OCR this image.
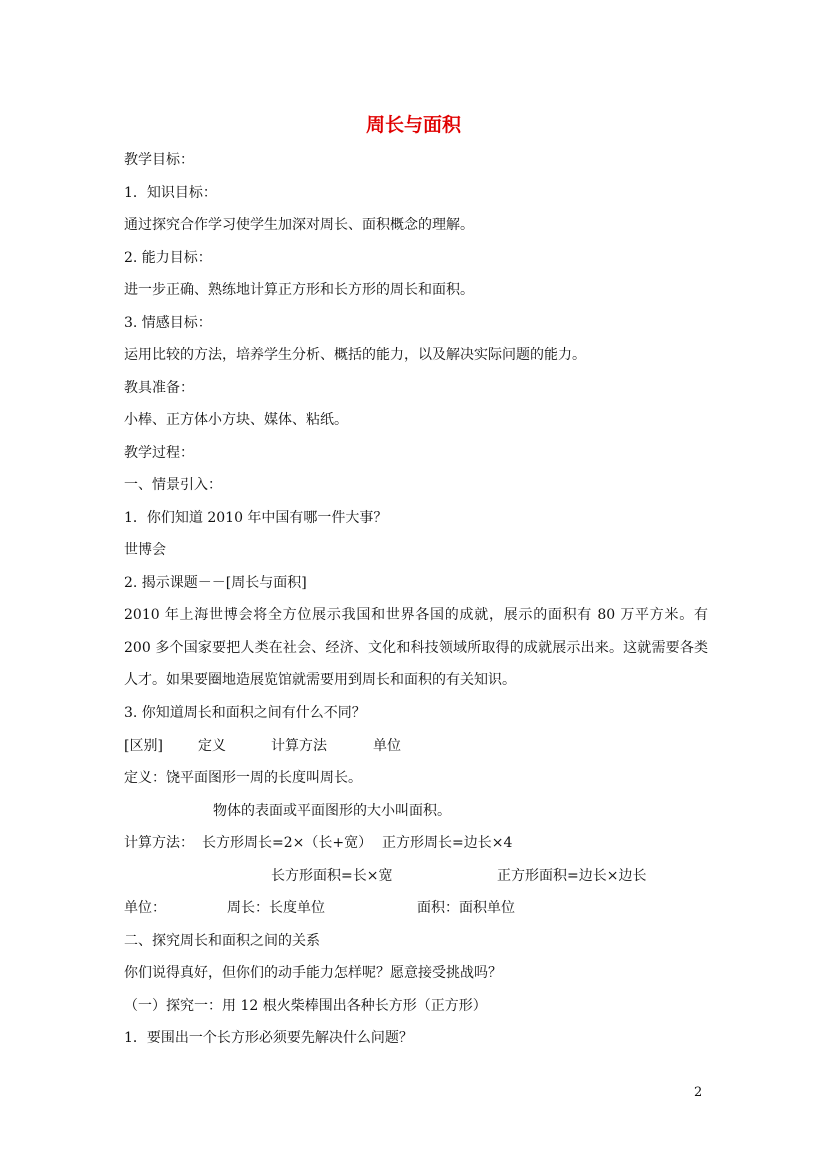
周长与面积
教学目标：
1．知识目标：
通过探究合作学习使学生加深对周长、面积概念的理解。
2. 能力目标：
进一步正确、熟练地计算正方形和长方形的周长和面积。
3. 情感目标：
运用比较的方法，培养学生分析、概括的能力，以及解决实际问题的能力。
教具准备：
小棒、正方体小方块、媒体、粘纸。
教学过程：
一、情景引入：
1．你们知道 2010 年中国有哪一件大事？
世博会
2. 揭示课题－－[周长与面积]
2010 年上海世博会将全方位展示我国和世界各国的成就，展示的面积有 80 万平方米。有 200 多个国家要把人类在社会、经济、文化和科技领域所取得的成就展示出来。这就需要各类人才。如果要圈地造展览馆就需要用到周长和面积的有关知识。
3. 你知道周长和面积之间有什么不同？
[区别]	定义	计算方法	单位
定义：饶平面图形一周的长度叫周长。
物体的表面或平面图形的大小叫面积。
计算方法： 长方形周长=2×（长+宽） 正方形周长=边长×4
长方形面积=长×宽	正方形面积=边长×边长
单位：	周长：长度单位	面积：面积单位
二、探究周长和面积之间的关系
你们说得真好，但你们的动手能力怎样呢？愿意接受挑战吗？
（一）探究一：用 12 根火柴棒围出各种长方形（正方形）
1．要围出一个长方形必须要先解决什么问题？
2
